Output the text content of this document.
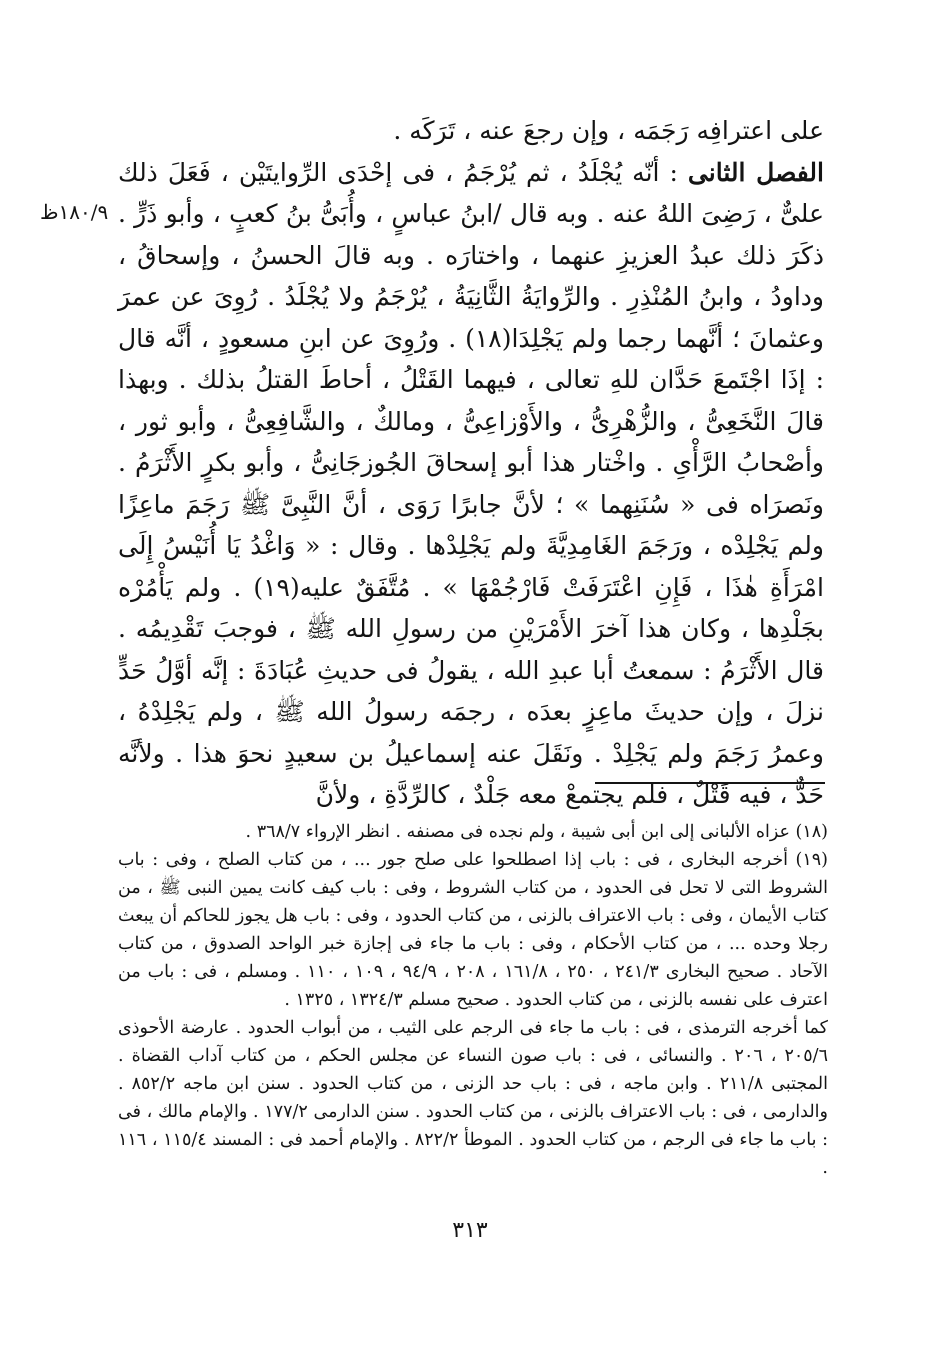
١٨٠/٩ظ

على اعترافِه رَجَمَه ، وإن رجعَ عنه ، تَرَكَه .

الفصل الثانى : أنّه يُجْلَدُ ، ثم يُرْجَمُ ، فى إحْدَى الرِّوايتَيْن ، فَعَلَ ذلك علىٌّ ، رَضِىَ اللهُ عنه . وبه قال /ابنُ عباسٍ ، وأُبَىُّ بنُ كعبٍ ، وأبو ذَرٍّ . ذكَرَ ذلك عبدُ العزيزِ عنهما ، واختارَه . وبه قالَ الحسنُ ، وإسحاقُ ، وداودُ ، وابنُ المُنْذِرِ . والرِّوايَةُ الثَّانِيَةُ ، يُرْجَمُ ولا يُجْلَدُ . رُوِىَ عن عمرَ وعثمانَ ؛ أنَّهما رجما ولم يَجْلِدَا(١٨) . ورُوِىَ عن ابنِ مسعودٍ ، أنَّه قال : إذَا اجْتَمعَ حَدَّان للهِ تعالى ، فيهما القَتْلُ ، أحاطَ القتلُ بذلك . وبهذا قالَ النَّخَعِىُّ ، والزُّهْرِىُّ ، والأَوْزاعِىُّ ، ومالكٌ ، والشَّافِعِىُّ ، وأبو ثور ، وأصْحابُ الرَّأْىِ . واخْتار هذا أبو إسحاقَ الجُوزجَانِىُّ ، وأبو بكرٍ الأَثْرَمُ . ونَصرَاه فى « سُنَنِهما » ؛ لأنَّ جابرًا رَوَى ، أنَّ النَّبِىَّ ﷺ رَجَمَ ماعِزًا ولم يَجْلِدْه ، ورَجَمَ الغَامِدِيَّةَ ولم يَجْلِدْها . وقال : « وَاغْدُ يَا أُنَيْسُ إِلَى امْرَأَةِ هٰذَا ، فَإِنِ اعْتَرَفَتْ فَارْجُمْهَا » . مُتَّفَقٌ عليه(١٩) . ولم يَأْمُرْه بجَلْدِها ، وكان هذا آخرَ الأَمْرَيْنِ من رسولِ الله ﷺ ، فوجبَ تَقْدِيمُه . قال الأَثْرَمُ : سمعتُ أبا عبدِ الله ، يقولُ فى حديثِ عُبَادَةَ : إنَّه أوَّلُ حَدٍّ نزلَ ، وإن حديثَ ماعِزٍ بعدَه ، رجمَه رسولُ الله ﷺ ، ولم يَجْلِدْهُ ، وعمرُ رَجَمَ ولم يَجْلِدْ . ونَقَلَ عنه إسماعيلُ بن سعيدٍ نحوَ هذا . ولأنَّه حَدٌّ ، فيه قَتْلٌ ، فلم يجتمعْ معه جَلْدٌ ، كالرِّدَّةِ ، ولأنَّ

(١٨) عزاه الألبانى إلى ابن أبى شيبة ، ولم نجده فى مصنفه . انظر الإرواء ٣٦٨/٧ .

(١٩) أخرجه البخارى ، فى : باب إذا اصطلحوا على صلح جور ... ، من كتاب الصلح ، وفى : باب الشروط التى لا تحل فى الحدود ، من كتاب الشروط ، وفى : باب كيف كانت يمين النبى ﷺ ، من كتاب الأيمان ، وفى : باب الاعتراف بالزنى ، من كتاب الحدود ، وفى : باب هل يجوز للحاكم أن يبعث رجلا وحده ... ، من كتاب الأحكام ، وفى : باب ما جاء فى إجازة خبر الواحد الصدوق ، من كتاب الآحاد . صحيح البخارى ٢٤١/٣ ، ٢٥٠ ، ١٦١/٨ ، ٢٠٨ ، ٩٤/٩ ، ١٠٩ ، ١١٠ . ومسلم ، فى : باب من اعترف على نفسه بالزنى ، من كتاب الحدود . صحيح مسلم ١٣٢٤/٣ ، ١٣٢٥ .

كما أخرجه الترمذى ، فى : باب ما جاء فى الرجم على الثيب ، من أبواب الحدود . عارضة الأحوذى ٢٠٥/٦ ، ٢٠٦ . والنسائى ، فى : باب صون النساء عن مجلس الحكم ، من كتاب آداب القضاة . المجتبى ٢١١/٨ . وابن ماجه ، فى : باب حد الزنى ، من كتاب الحدود . سنن ابن ماجه ٨٥٢/٢ . والدارمى ، فى : باب الاعتراف بالزنى ، من كتاب الحدود . سنن الدارمى ١٧٧/٢ . والإمام مالك ، فى : باب ما جاء فى الرجم ، من كتاب الحدود . الموطأ ٨٢٢/٢ . والإمام أحمد فى : المسند ١١٥/٤ ، ١١٦ .

٣١٣
